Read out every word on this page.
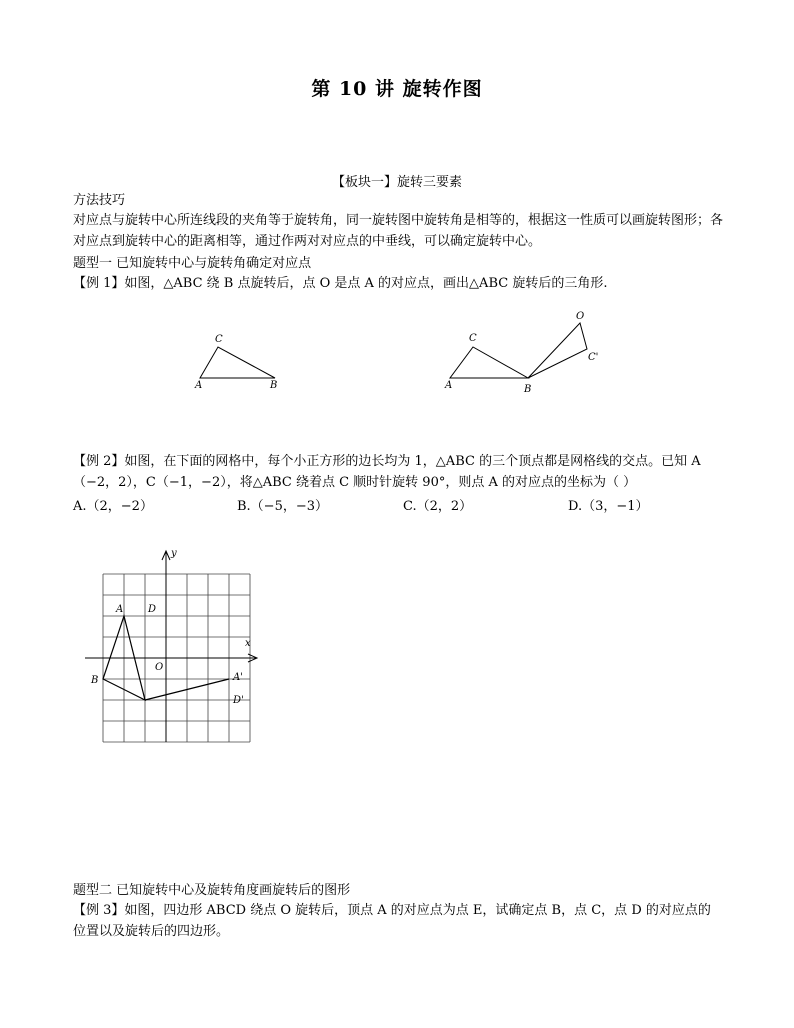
第 10 讲 旋转作图
【板块一】旋转三要素
方法技巧
对应点与旋转中心所连线段的夹角等于旋转角，同一旋转图中旋转角是相等的，根据这一性质可以画旋转图形；各对应点到旋转中心的距离相等，通过作两对对应点的中垂线，可以确定旋转中心。
题型一 已知旋转中心与旋转角确定对应点
【例 1】如图，△ABC 绕 B 点旋转后，点 O 是点 A 的对应点，画出△ABC 旋转后的三角形.
C
A	B
C
A	B
O
C'
【例 2】如图，在下面的网格中，每个小正方形的边长均为 1，△ABC 的三个顶点都是网格线的交点。已知 A
（−2，2），C（−1，−2），将△ABC 绕着点 C 顺时针旋转 90°，则点 A 的对应点的坐标为（ ）
A.（2，−2）	B.（−5，−3）	C.（2，2）	D.（3，−1）
y
x
A D
O
B	A'
D'
题型二 已知旋转中心及旋转角度画旋转后的图形
【例 3】如图，四边形 ABCD 绕点 O 旋转后，顶点 A 的对应点为点 E，试确定点 B，点 C，点 D 的对应点的位置以及旋转后的四边形。
